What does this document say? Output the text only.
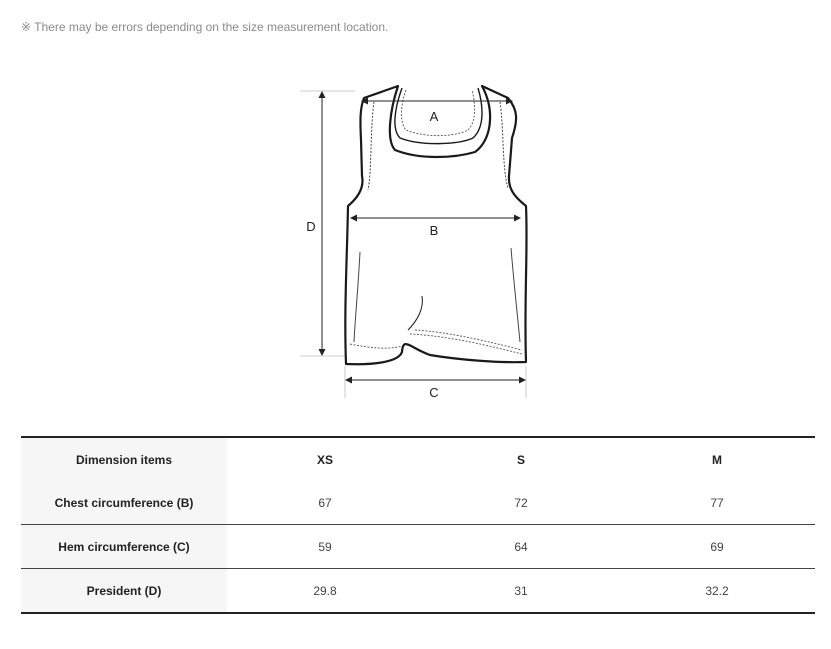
※ There may be errors depending on the size measurement location.
A
B
C
D
Dimension items	XS	S	M
Chest circumference (B)	67	72	77
Hem circumference (C)	59	64	69
President (D)	29.8	31	32.2
